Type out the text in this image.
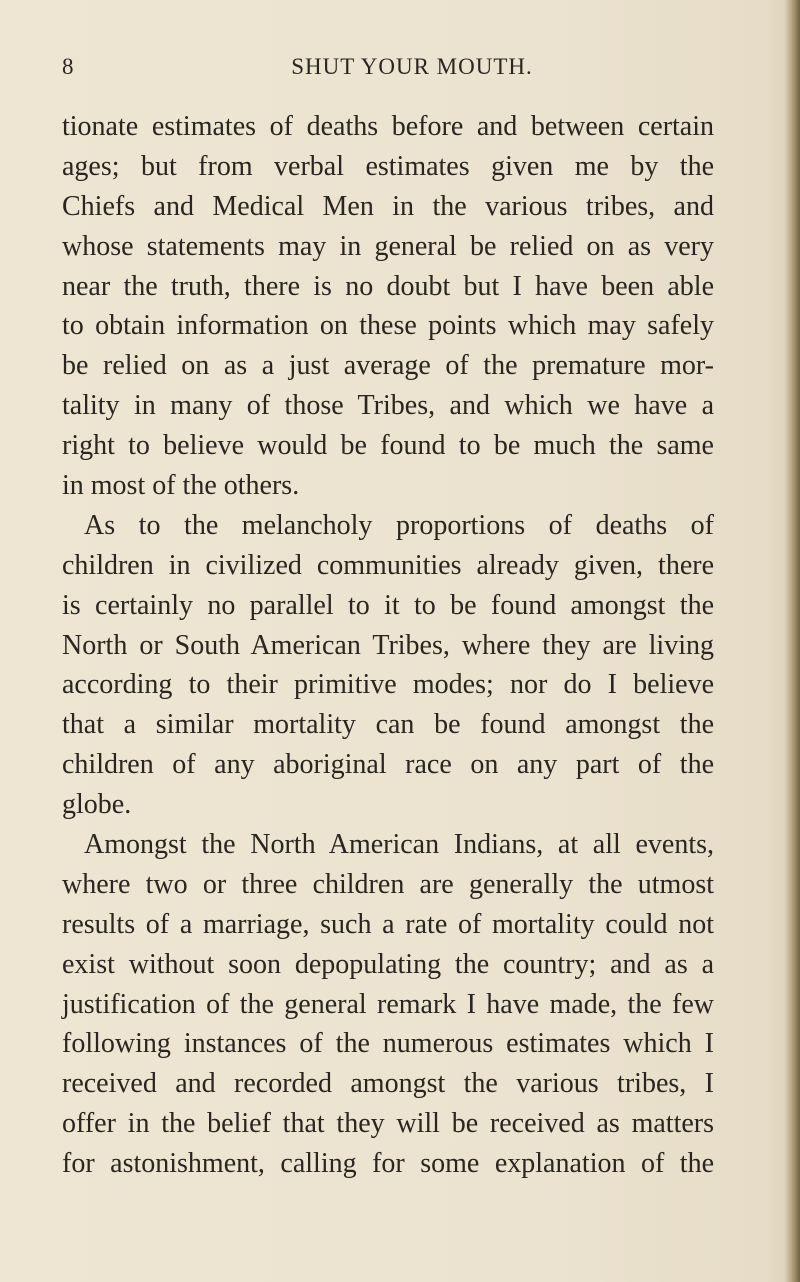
8	SHUT YOUR MOUTH.
tionate estimates of deaths before and between certain
ages; but from verbal estimates given me by the
Chiefs and Medical Men in the various tribes, and
whose statements may in general be relied on as very
near the truth, there is no doubt but I have been able
to obtain information on these points which may safely
be relied on as a just average of the premature mor-
tality in many of those Tribes, and which we have a
right to believe would be found to be much the same
in most of the others.
As to the melancholy proportions of deaths of
children in civilized communities already given, there
is certainly no parallel to it to be found amongst the
North or South American Tribes, where they are living
according to their primitive modes; nor do I believe
that a similar mortality can be found amongst the
children of any aboriginal race on any part of the
globe.
Amongst the North American Indians, at all events,
where two or three children are generally the utmost
results of a marriage, such a rate of mortality could not
exist without soon depopulating the country; and as a
justification of the general remark I have made, the few
following instances of the numerous estimates which I
received and recorded amongst the various tribes, I
offer in the belief that they will be received as matters
for astonishment, calling for some explanation of the
